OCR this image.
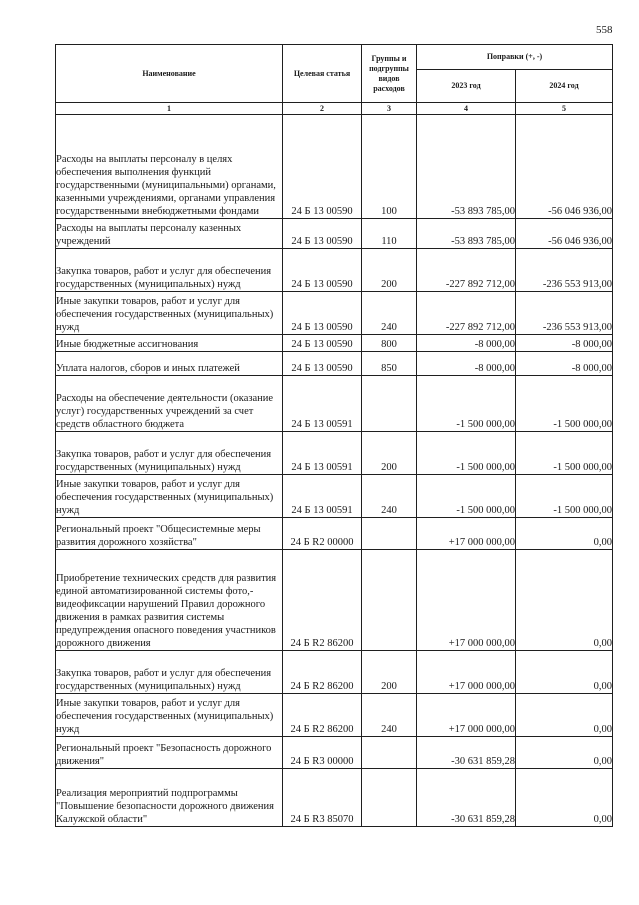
558
Наименование	Целевая статья	Группы и подгруппы видов расходов	Поправки (+, -)	
			2023 год	2024 год
1	2	3	4	5
Расходы на выплаты персоналу в целях обеспечения выполнения функций государственными (муниципальными) органами, казенными учреждениями, органами управления государственными внебюджетными фондами	24 Б 13 00590	100	-53 893 785,00	-56 046 936,00
Расходы на выплаты персоналу казенных учреждений	24 Б 13 00590	110	-53 893 785,00	-56 046 936,00
Закупка товаров, работ и услуг для обеспечения государственных (муниципальных) нужд	24 Б 13 00590	200	-227 892 712,00	-236 553 913,00
Иные закупки товаров, работ и услуг для обеспечения государственных (муниципальных) нужд	24 Б 13 00590	240	-227 892 712,00	-236 553 913,00
Иные бюджетные ассигнования	24 Б 13 00590	800	-8 000,00	-8 000,00
Уплата налогов, сборов и иных платежей	24 Б 13 00590	850	-8 000,00	-8 000,00
Расходы на обеспечение деятельности (оказание услуг) государственных учреждений за счет средств областного бюджета	24 Б 13 00591		-1 500 000,00	-1 500 000,00
Закупка товаров, работ и услуг для обеспечения государственных (муниципальных) нужд	24 Б 13 00591	200	-1 500 000,00	-1 500 000,00
Иные закупки товаров, работ и услуг для обеспечения государственных (муниципальных) нужд	24 Б 13 00591	240	-1 500 000,00	-1 500 000,00
Региональный проект "Общесистемные меры развития дорожного хозяйства"	24 Б R2 00000		+17 000 000,00	0,00
Приобретение технических средств для развития единой автоматизированной системы фото,- видеофиксации нарушений Правил дорожного движения в рамках развития системы предупреждения опасного поведения участников дорожного движения	24 Б R2 86200		+17 000 000,00	0,00
Закупка товаров, работ и услуг для обеспечения государственных (муниципальных) нужд	24 Б R2 86200	200	+17 000 000,00	0,00
Иные закупки товаров, работ и услуг для обеспечения государственных (муниципальных) нужд	24 Б R2 86200	240	+17 000 000,00	0,00
Региональный проект "Безопасность дорожного движения"	24 Б R3 00000		-30 631 859,28	0,00
Реализация мероприятий подпрограммы "Повышение безопасности дорожного движения Калужской области"	24 Б R3 85070		-30 631 859,28	0,00
